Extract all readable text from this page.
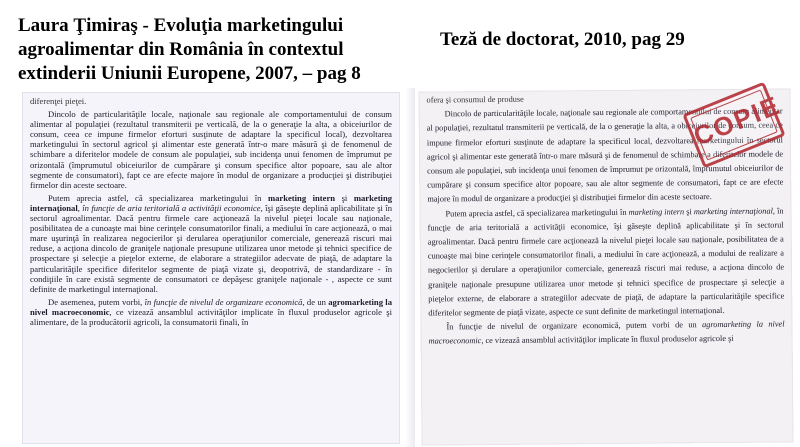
Laura Ţimiraş - Evoluţia marketingului agroalimentar din România în contextul extinderii Uniunii Europene, 2007, – pag 8
Teză de doctorat, 2010, pag 29

diferenţei pieţei.

Dincolo de particularităţile locale, naţionale sau regionale ale comportamentului de consum alimentar al populaţiei (rezultatul transmiterii pe verticală, de la o generaţie la alta, a obiceiurilor de consum, ceea ce impune firmelor eforturi susţinute de adaptare la specificul local), dezvoltarea marketingului în sectorul agricol şi alimentar este generată într-o mare măsură şi de fenomenul de schimbare a diferitelor modele de consum ale populaţiei, sub incidenţa unui fenomen de împrumut pe orizontală (împrumutul obiceiurilor de cumpărare şi consum specifice altor popoare, sau ale altor segmente de consumatori), fapt ce are efecte majore în modul de organizare a producţiei şi distribuţiei firmelor din aceste sectoare.

Putem aprecia astfel, că specializarea marketingului în marketing intern şi marketing internaţional, în funcţie de aria teritorială a activităţii economice, îşi găseşte deplină aplicabilitate şi în sectorul agroalimentar. Dacă pentru firmele care acţionează la nivelul pieţei locale sau naţionale, posibilitatea de a cunoaşte mai bine cerinţele consumatorilor finali, a mediului în care acţionează, o mai mare uşurinţă în realizarea negocierilor şi derularea operaţiunilor comerciale, generează riscuri mai reduse, a acţiona dincolo de graniţele naţionale presupune utilizarea unor metode şi tehnici specifice de prospectare şi selecţie a pieţelor externe, de elaborare a strategiilor adecvate de piaţă, de adaptare la particularităţile specifice diferitelor segmente de piaţă vizate şi, deopotrivă, de standardizare - în condiţiile în care există segmente de consumatori ce depăşesc graniţele naţionale - , aspecte ce sunt definite de marketingul internaţional.

De asemenea, putem vorbi, în funcţie de nivelul de organizare economică, de un agromarketing la nivel macroeconomic, ce vizează ansamblul activităţilor implicate în fluxul produselor agricole şi alimentare, de la producătorii agricoli, la consumatorii finali, în

ofera şi consumul de produse

Dincolo de particularităţile locale, naţionale sau regionale ale comportamentului de consum alimentar al populaţiei, rezultatul transmiterii pe verticală, de la o generaţie la alta, a obiceiurilor de consum, ceea ce impune firmelor eforturi susţinute de adaptare la specificul local, dezvoltarea marketingului în sectorul agricol şi alimentar este generată într-o mare măsură şi de fenomenul de schimbare a diferitelor modele de consum ale populaţiei, sub incidenţa unui fenomen de împrumut pe orizontală, împrumutul obiceiurilor de cumpărare şi consum specifice altor popoare, sau ale altor segmente de consumatori, fapt ce are efecte majore în modul de organizare a producţiei şi distribuţiei firmelor din aceste sectoare.

Putem aprecia astfel, că specializarea marketingului în marketing intern şi marketing internaţional, în funcţie de aria teritorială a activităţii economice, îşi găseşte deplină aplicabilitate şi în sectorul agroalimentar. Dacă pentru firmele care acţionează la nivelul pieţei locale sau naţionale, posibilitatea de a cunoaşte mai bine cerinţele consumatorilor finali, a mediului în care acţionează, a modului de realizare a negocierilor şi derulare a operaţiunilor comerciale, generează riscuri mai reduse, a acţiona dincolo de graniţele naţionale presupune utilizarea unor metode şi tehnici specifice de prospectare şi selecţie a pieţelor externe, de elaborare a strategiilor adecvate de piaţă, de adaptare la particularităţile specifice diferitelor segmente de piaţă vizate, aspecte ce sunt definite de marketingul internaţional.

În funcţie de nivelul de organizare economică, putem vorbi de un agromarketing la nivel macroeconomic, ce vizează ansamblul activităţilor implicate în fluxul produselor agricole şi

COPIE
